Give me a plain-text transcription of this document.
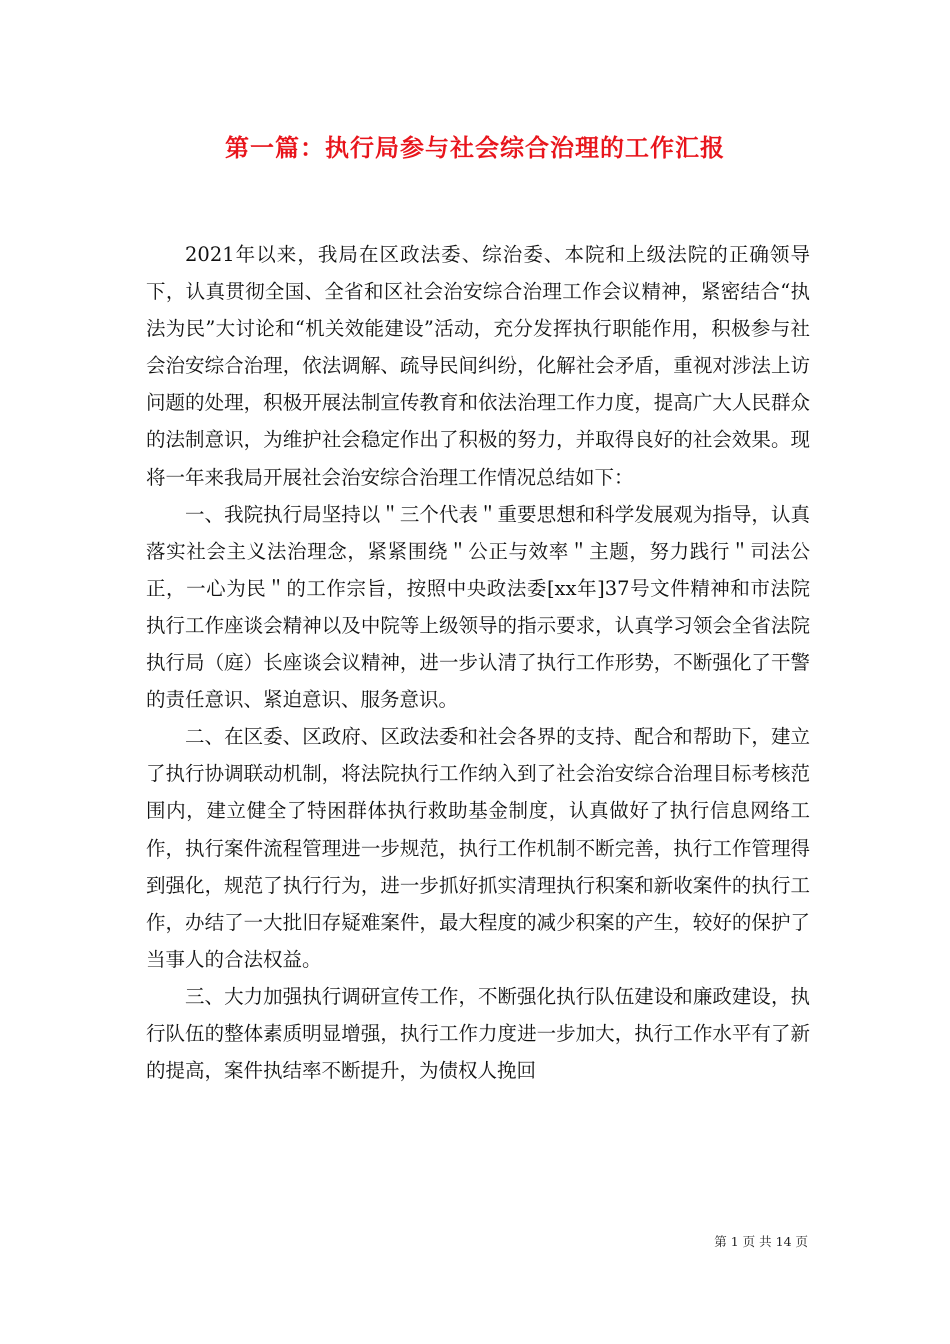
第一篇：执行局参与社会综合治理的工作汇报

2021年以来，我局在区政法委、综治委、本院和上级法院的正确领导下，认真贯彻全国、全省和区社会治安综合治理工作会议精神，紧密结合“执法为民”大讨论和“机关效能建设”活动，充分发挥执行职能作用，积极参与社会治安综合治理，依法调解、疏导民间纠纷，化解社会矛盾，重视对涉法上访问题的处理，积极开展法制宣传教育和依法治理工作力度，提高广大人民群众的法制意识，为维护社会稳定作出了积极的努力，并取得良好的社会效果。现将一年来我局开展社会治安综合治理工作情况总结如下：

一、我院执行局坚持以＂三个代表＂重要思想和科学发展观为指导，认真落实社会主义法治理念，紧紧围绕＂公正与效率＂主题，努力践行＂司法公正，一心为民＂的工作宗旨，按照中央政法委[xx年]37号文件精神和市法院执行工作座谈会精神以及中院等上级领导的指示要求，认真学习领会全省法院执行局（庭）长座谈会议精神，进一步认清了执行工作形势，不断强化了干警的责任意识、紧迫意识、服务意识。

二、在区委、区政府、区政法委和社会各界的支持、配合和帮助下，建立了执行协调联动机制，将法院执行工作纳入到了社会治安综合治理目标考核范围内，建立健全了特困群体执行救助基金制度，认真做好了执行信息网络工作，执行案件流程管理进一步规范，执行工作机制不断完善，执行工作管理得到强化，规范了执行行为，进一步抓好抓实清理执行积案和新收案件的执行工作，办结了一大批旧存疑难案件，最大程度的减少积案的产生，较好的保护了当事人的合法权益。

三、大力加强执行调研宣传工作，不断强化执行队伍建设和廉政建设，执行队伍的整体素质明显增强，执行工作力度进一步加大，执行工作水平有了新的提高，案件执结率不断提升，为债权人挽回

第 1 页 共 14 页
